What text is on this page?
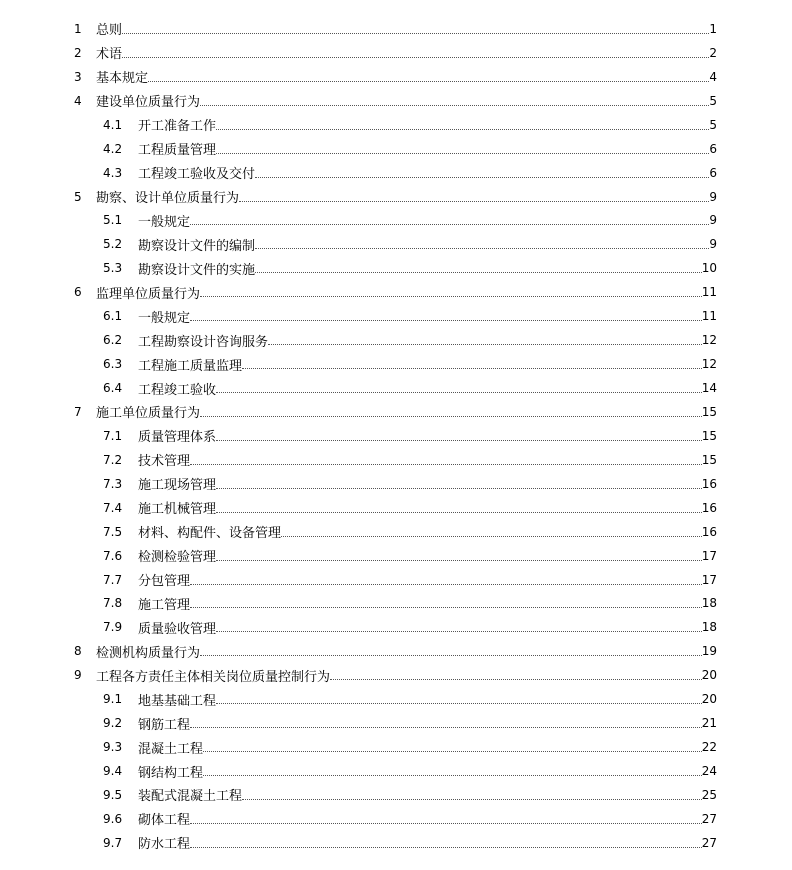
1	总则	1
2	术语	2
3	基本规定	4
4	建设单位质量行为	5
4.1	开工准备工作	5
4.2	工程质量管理	6
4.3	工程竣工验收及交付	6
5	勘察、设计单位质量行为	9
5.1	一般规定	9
5.2	勘察设计文件的编制	9
5.3	勘察设计文件的实施	10
6	监理单位质量行为	11
6.1	一般规定	11
6.2	工程勘察设计咨询服务	12
6.3	工程施工质量监理	12
6.4	工程竣工验收	14
7	施工单位质量行为	15
7.1	质量管理体系	15
7.2	技术管理	15
7.3	施工现场管理	16
7.4	施工机械管理	16
7.5	材料、构配件、设备管理	16
7.6	检测检验管理	17
7.7	分包管理	17
7.8	施工管理	18
7.9	质量验收管理	18
8	检测机构质量行为	19
9	工程各方责任主体相关岗位质量控制行为	20
9.1	地基基础工程	20
9.2	钢筋工程	21
9.3	混凝土工程	22
9.4	钢结构工程	24
9.5	装配式混凝土工程	25
9.6	砌体工程	27
9.7	防水工程	27
